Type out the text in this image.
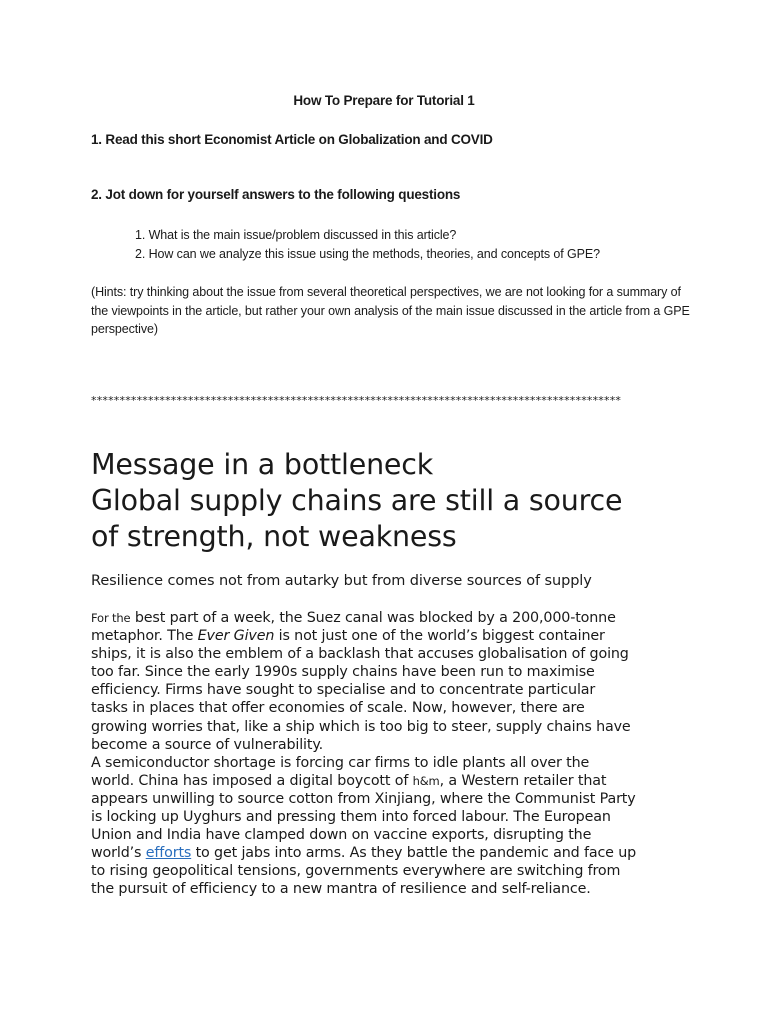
How To Prepare for Tutorial 1
1. Read this short Economist Article on Globalization and COVID
2. Jot down for yourself answers to the following questions
1. What is the main issue/problem discussed in this article?
2. How can we analyze this issue using the methods, theories, and concepts of GPE?
(Hints: try thinking about the issue from several theoretical perspectives, we are not looking for a summary of the viewpoints in the article, but rather your own analysis of the main issue discussed in the article from a GPE perspective)
*********************************************************************************************
Message in a bottleneck
Global supply chains are still a source
of strength, not weakness
Resilience comes not from autarky but from diverse sources of supply
For the best part of a week, the Suez canal was blocked by a 200,000-tonne
metaphor. The Ever Given is not just one of the world’s biggest container
ships, it is also the emblem of a backlash that accuses globalisation of going
too far. Since the early 1990s supply chains have been run to maximise
efficiency. Firms have sought to specialise and to concentrate particular
tasks in places that offer economies of scale. Now, however, there are
growing worries that, like a ship which is too big to steer, supply chains have
become a source of vulnerability.
A semiconductor shortage is forcing car firms to idle plants all over the
world. China has imposed a digital boycott of h&m, a Western retailer that
appears unwilling to source cotton from Xinjiang, where the Communist Party
is locking up Uyghurs and pressing them into forced labour. The European
Union and India have clamped down on vaccine exports, disrupting the
world’s efforts to get jabs into arms. As they battle the pandemic and face up
to rising geopolitical tensions, governments everywhere are switching from
the pursuit of efficiency to a new mantra of resilience and self-reliance.
